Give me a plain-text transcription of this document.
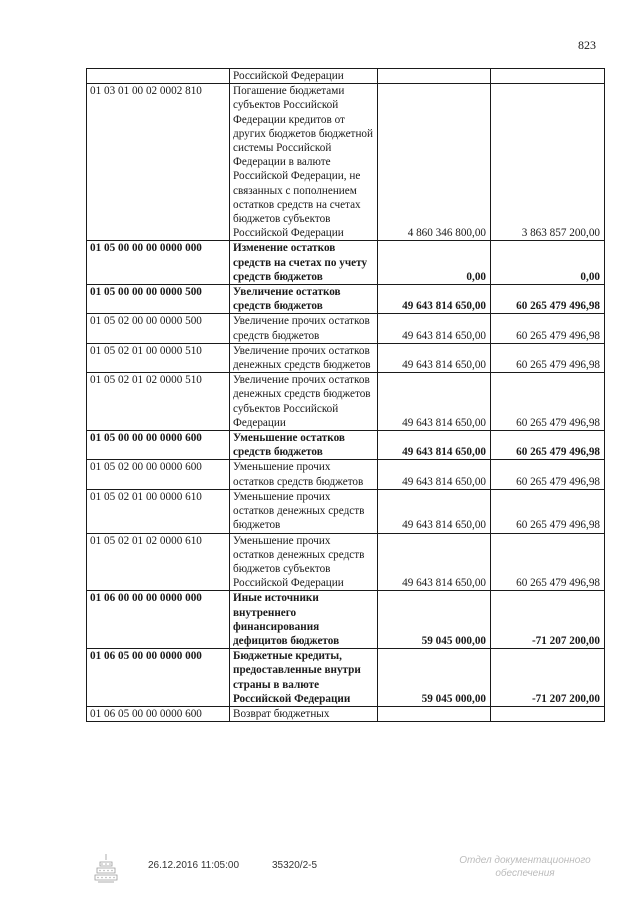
823
	Российской Федерации		
01 03 01 00 02 0002 810	Погашение бюджетами субъектов Российской Федерации кредитов от других бюджетов бюджетной системы Российской Федерации в валюте Российской Федерации, не связанных с пополнением остатков средств на счетах бюджетов субъектов Российской Федерации	4 860 346 800,00	3 863 857 200,00
01 05 00 00 00 0000 000	Изменение остатков средств на счетах по учету средств бюджетов	0,00	0,00
01 05 00 00 00 0000 500	Увеличение остатков средств бюджетов	49 643 814 650,00	60 265 479 496,98
01 05 02 00 00 0000 500	Увеличение прочих остатков средств бюджетов	49 643 814 650,00	60 265 479 496,98
01 05 02 01 00 0000 510	Увеличение прочих остатков денежных средств бюджетов	49 643 814 650,00	60 265 479 496,98
01 05 02 01 02 0000 510	Увеличение прочих остатков денежных средств бюджетов субъектов Российской Федерации	49 643 814 650,00	60 265 479 496,98
01 05 00 00 00 0000 600	Уменьшение остатков средств бюджетов	49 643 814 650,00	60 265 479 496,98
01 05 02 00 00 0000 600	Уменьшение прочих остатков средств бюджетов	49 643 814 650,00	60 265 479 496,98
01 05 02 01 00 0000 610	Уменьшение прочих остатков денежных средств бюджетов	49 643 814 650,00	60 265 479 496,98
01 05 02 01 02 0000 610	Уменьшение прочих остатков денежных средств бюджетов субъектов Российской Федерации	49 643 814 650,00	60 265 479 496,98
01 06 00 00 00 0000 000	Иные источники внутреннего финансирования дефицитов бюджетов	59 045 000,00	-71 207 200,00
01 06 05 00 00 0000 000	Бюджетные кредиты, предоставленные внутри страны в валюте Российской Федерации	59 045 000,00	-71 207 200,00
01 06 05 00 00 0000 600	Возврат бюджетных		
26.12.2016 11:05:00	35320/2-5	Отдел документационного обеспечения
